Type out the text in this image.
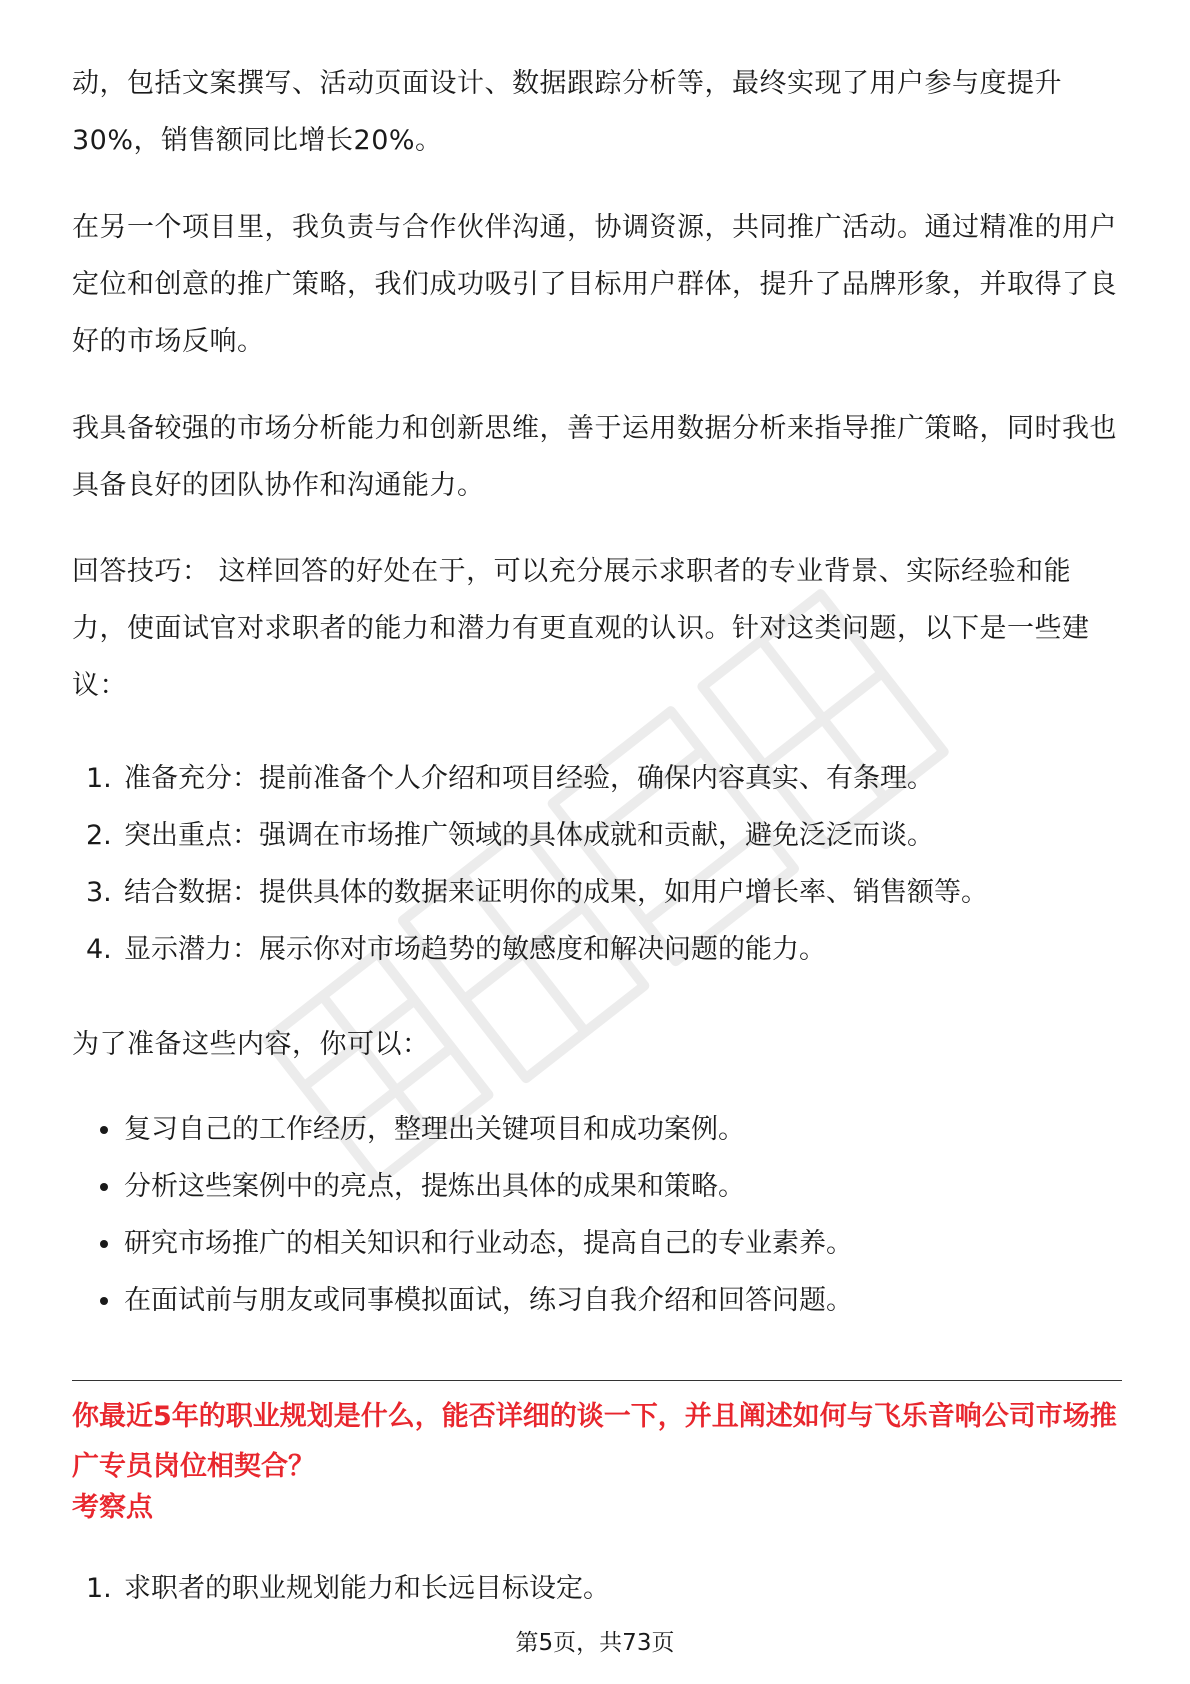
动，包括文案撰写、活动页面设计、数据跟踪分析等，最终实现了用户参与度提升
30%，销售额同比增长20%。

在另一个项目里，我负责与合作伙伴沟通，协调资源，共同推广活动。通过精准的用户定位和创意的推广策略，我们成功吸引了目标用户群体，提升了品牌形象，并取得了良好的市场反响。

我具备较强的市场分析能力和创新思维，善于运用数据分析来指导推广策略，同时我也具备良好的团队协作和沟通能力。

回答技巧： 这样回答的好处在于，可以充分展示求职者的专业背景、实际经验和能力，使面试官对求职者的能力和潜力有更直观的认识。针对这类问题，以下是一些建议：

1. 准备充分：提前准备个人介绍和项目经验，确保内容真实、有条理。
2. 突出重点：强调在市场推广领域的具体成就和贡献，避免泛泛而谈。
3. 结合数据：提供具体的数据来证明你的成果，如用户增长率、销售额等。
4. 显示潜力：展示你对市场趋势的敏感度和解决问题的能力。

为了准备这些内容，你可以：

复习自己的工作经历，整理出关键项目和成功案例。
分析这些案例中的亮点，提炼出具体的成果和策略。
研究市场推广的相关知识和行业动态，提高自己的专业素养。
在面试前与朋友或同事模拟面试，练习自我介绍和回答问题。
你最近5年的职业规划是什么，能否详细的谈一下，并且阐述如何与飞乐音响公司市场推广专员岗位相契合？
考察点
1. 求职者的职业规划能力和长远目标设定。
第5页，共73页
